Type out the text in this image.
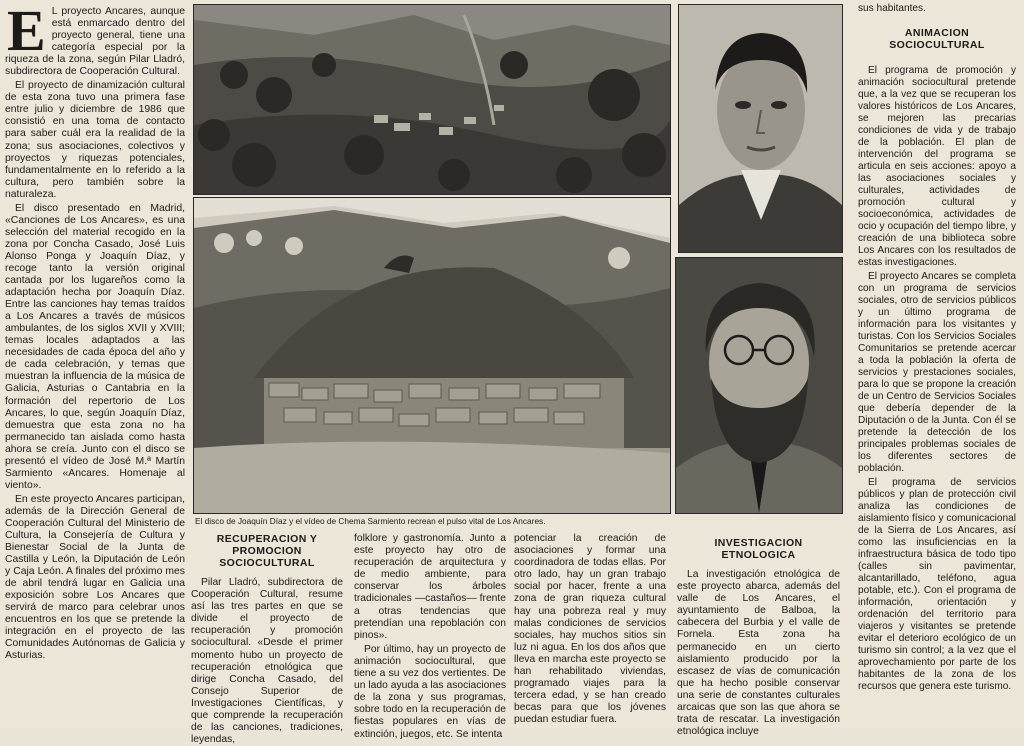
E L proyecto Ancares, aunque está enmarcado dentro del proyecto general, tiene una categoría especial por la riqueza de la zona, según Pilar Lladró, subdirectora de Cooperación Cultural.

El proyecto de dinamización cultural de esta zona tuvo una primera fase entre julio y diciembre de 1986 que consistió en una toma de contacto para saber cuál era la realidad de la zona; sus asociaciones, colectivos y proyectos y riquezas potenciales, fundamentalmente en lo referido a la cultura, pero también sobre la naturaleza.

El disco presentado en Madrid, «Canciones de Los Ancares», es una selección del material recogido en la zona por Concha Casado, José Luis Alonso Ponga y Joaquín Díaz, y recoge tanto la versión original cantada por los lugareños como la adaptación hecha por Joaquín Díaz. Entre las canciones hay temas traídos a Los Ancares a través de músicos ambulantes, de los siglos XVII y XVIII; temas locales adaptados a las necesidades de cada época del año y de cada celebración, y temas que muestran la influencia de la música de Galicia, Asturias o Cantabria en la formación del repertorio de Los Ancares, lo que, según Joaquín Díaz, demuestra que esta zona no ha permanecido tan aislada como hasta ahora se creía. Junto con el disco se presentó el vídeo de José M.ª Martín Sarmiento «Ancares. Homenaje al viento».

En este proyecto Ancares participan, además de la Dirección General de Cooperación Cultural del Ministerio de Cultura, la Consejería de Cultura y Bienestar Social de la Junta de Castilla y León, la Diputación de León y Caja León. A finales del próximo mes de abril tendrá lugar en Galicia una exposición sobre Los Ancares que servirá de marco para celebrar unos encuentros en los que se pretende la integración en el proyecto de las Comunidades Autónomas de Galicia y Asturias.

El disco de Joaquín Díaz y el vídeo de Chema Sarmiento recrean el pulso vital de Los Ancares.
RECUPERACION Y PROMOCION SOCIOCULTURAL

Pilar Lladró, subdirectora de Cooperación Cultural, resume así las tres partes en que se divide el proyecto de recuperación y promoción sociocultural. «Desde el primer momento hubo un proyecto de recuperación etnológica que dirige Concha Casado, del Consejo Superior de Investigaciones Científicas, y que comprende la recuperación de las canciones, tradiciones, leyendas,

folklore y gastronomía. Junto a este proyecto hay otro de recuperación de arquitectura y de medio ambiente, para conservar los árboles tradicionales —castaños— frente a otras tendencias que pretendían una repoblación con pinos».

Por último, hay un proyecto de animación sociocultural, que tiene a su vez dos vertientes. De un lado ayuda a las asociaciones de la zona y sus programas, sobre todo en la recuperación de fiestas populares en vías de extinción, juegos, etc. Se intenta

potenciar la creación de asociaciones y formar una coordinadora de todas ellas. Por otro lado, hay un gran trabajo social por hacer, frente a una zona de gran riqueza cultural hay una pobreza real y muy malas condiciones de servicios sociales, hay muchos sitios sin luz ni agua. En los dos años que lleva en marcha este proyecto se han rehabilitado viviendas, programado viajes para la tercera edad, y se han creado becas para que los jóvenes puedan estudiar fuera.

INVESTIGACION ETNOLOGICA

La investigación etnológica de este proyecto abarca, además del valle de Los Ancares, el ayuntamiento de Balboa, la cabecera del Burbia y el valle de Fornela. Esta zona ha permanecido en un cierto aislamiento producido por la escasez de vías de comunicación que ha hecho posible conservar una serie de constantes culturales arcaicas que son las que ahora se trata de rescatar. La investigación etnológica incluye

sus habitantes.
ANIMACION SOCIOCULTURAL

El programa de promoción y animación sociocultural pretende que, a la vez que se recuperan los valores históricos de Los Ancares, se mejoren las precarias condiciones de vida y de trabajo de la población. El plan de intervención del programa se articula en seis acciones: apoyo a las asociaciones sociales y culturales, actividades de promoción cultural y socioeconómica, actividades de ocio y ocupación del tiempo libre, y creación de una biblioteca sobre Los Ancares con los resultados de estas investigaciones.

El proyecto Ancares se completa con un programa de servicios sociales, otro de servicios públicos y un último programa de información para los visitantes y turistas. Con los Servicios Sociales Comunitarios se pretende acercar a toda la población la oferta de servicios y prestaciones sociales, para lo que se propone la creación de un Centro de Servicios Sociales que debería depender de la Diputación o de la Junta. Con él se pretende la detección de los principales problemas sociales de los diferentes sectores de población.

El programa de servicios públicos y plan de protección civil analiza las condiciones de aislamiento físico y comunicacional de la Sierra de Los Ancares, así como las insuficiencias en la infraestructura básica de todo tipo (calles sin pavimentar, alcantarillado, teléfono, agua potable, etc.). Con el programa de información, orientación y ordenación del territorio para viajeros y visitantes se pretende evitar el deterioro ecológico de un turismo sin control; a la vez que el aprovechamiento por parte de los habitantes de la zona de los recursos que genera este turismo.
